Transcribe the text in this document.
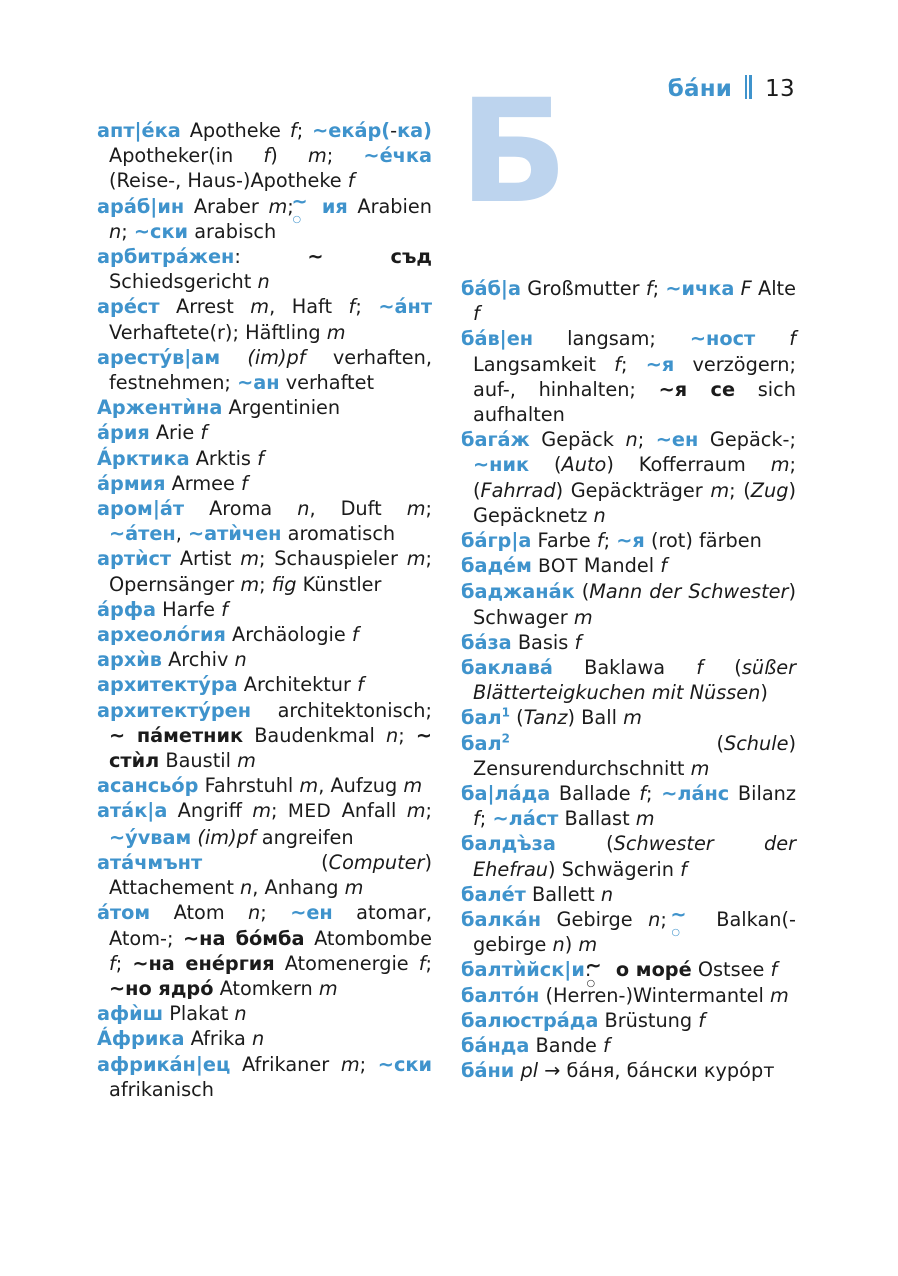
бáни 13
Б

апт|éка Apotheke f; ~екáр(-ка) Apotheker(in f) m; ~éчка (Reise-, Haus-)Apotheke f

арáб|ин Araber m; ия Arabien n; ~ски arabisch

арбитрáжен: ~ съд Schiedsgericht n

арéст Arrest m, Haft f; ~áнт Verhaftete(r); Häftling m

арестýв|ам (im)pf verhaften, festnehmen; ~ан verhaftet

Аржентѝна Argentinien

áрия Arie f

Áрктика Arktis f

áрмия Armee f

аром|áт Aroma n, Duft m; ~áтен, ~атѝчен aromatisch

артѝст Artist m; Schauspieler m; Opernsänger m; fig Künstler

áрфа Harfe f

археолóгия Archäologie f

архѝв Archiv n

архитектýра Architektur f

архитектýрен architektonisch; ~ пáметник Baudenkmal n; ~ стѝл Baustil m

асансьóр Fahrstuhl m, Aufzug m

атáк|а Angriff m; MED Anfall m; ~ývвам (im)pf angreifen

атáчмънт (Computer) Attachement n, Anhang m

áтом Atom n; ~ен atomar, Atom-; ~на бóмба Atombombe f; ~на енéргия Atomenergie f; ~но ядрó Atomkern m

афѝш Plakat n

Áфрика Afrika n

африкáн|ец Afrikaner m; ~ски afrikanisch

бáб|а Großmutter f; ~ичка F Alte f

бáв|ен langsam; ~ност f Langsamkeit f; ~я verzögern; auf-, hinhalten; ~я се sich aufhalten

багáж Gepäck n; ~ен Gepäck-; ~ник (Auto) Kofferraum m; (Fahrrad) Gepäckträger m; (Zug) Gepäcknetz n

бáгр|а Farbe f; ~я (rot) färben

бадéм BOT Mandel f

баджанáк (Mann der Schwester) Schwager m

бáза Basis f

баклавá Baklawa f (süßer Blätterteigkuchen mit Nüssen)

бал$^1$ (Tanz) Ball m

бал$^2$ (Schule) Zensurendurchschnitt m

ба|лáда Ballade f; ~лáнс Bilanz f; ~лáст Ballast m

балдъ̀за (Schwester der Ehefrau) Schwägerin f

балéт Ballett n

балкáн Gebirge n;  Balkan(-gebirge n) m

балтѝйск|и: о морé Ostsee f

балтóн (Herren-)Wintermantel m

балюстрáда Brüstung f

бáнда Bande f

бáни pl → бáня, бáнски курóрт
